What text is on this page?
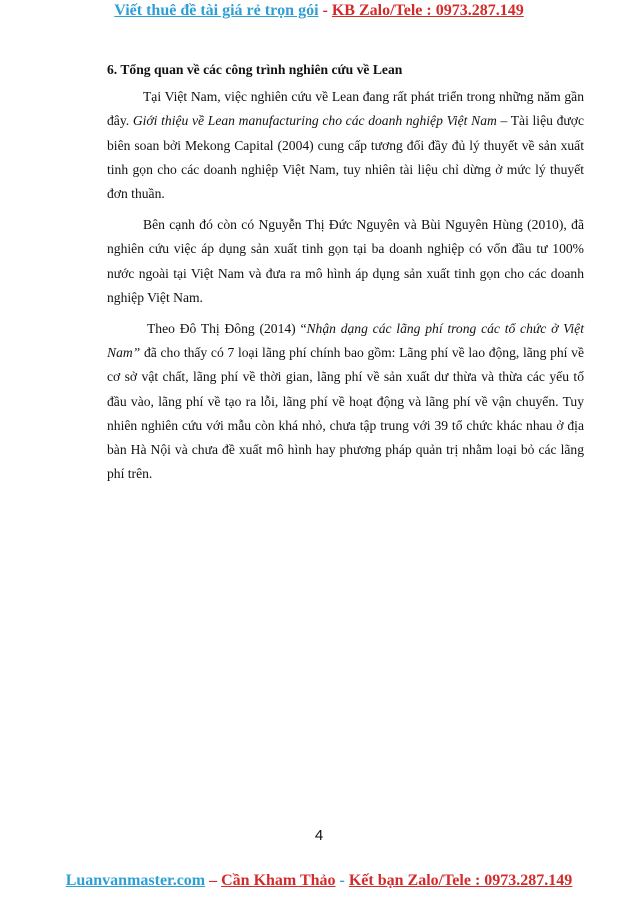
Viết thuê đề tài giá rẻ trọn gói - KB Zalo/Tele : 0973.287.149

6. Tổng quan về các công trình nghiên cứu về Lean

Tại Việt Nam, việc nghiên cứu về Lean đang rất phát triển trong những năm gần đây. Giới thiệu về Lean manufacturing cho các doanh nghiệp Việt Nam – Tài liệu được biên soan bởi Mekong Capital (2004) cung cấp tương đối đầy đủ lý thuyết về sản xuất tinh gọn cho các doanh nghiệp Việt Nam, tuy nhiên tài liệu chỉ dừng ở mức lý thuyết đơn thuần.

Bên cạnh đó còn có Nguyễn Thị Đức Nguyên và Bùi Nguyên Hùng (2010), đã nghiên cứu việc áp dụng sản xuất tinh gọn tại ba doanh nghiệp có vốn đầu tư 100% nước ngoài tại Việt Nam và đưa ra mô hình áp dụng sản xuất tinh gọn cho các doanh nghiệp Việt Nam.

Theo Đô Thị Đông (2014) “Nhận dạng các lãng phí trong các tổ chức ở Việt Nam” đã cho thấy có 7 loại lãng phí chính bao gồm: Lãng phí về lao động, lãng phí về cơ sở vật chất, lãng phí về thời gian, lãng phí về sản xuất dư thừa và thừa các yếu tố đầu vào, lãng phí về tạo ra lỗi, lãng phí về hoạt động và lãng phí về vận chuyển. Tuy nhiên nghiên cứu với mẫu còn khá nhỏ, chưa tập trung với 39 tổ chức khác nhau ở địa bàn Hà Nội và chưa đề xuất mô hình hay phương pháp quản trị nhằm loại bỏ các lãng phí trên.

4
Luanvanmaster.com – Cần Kham Thảo - Kết bạn Zalo/Tele : 0973.287.149
